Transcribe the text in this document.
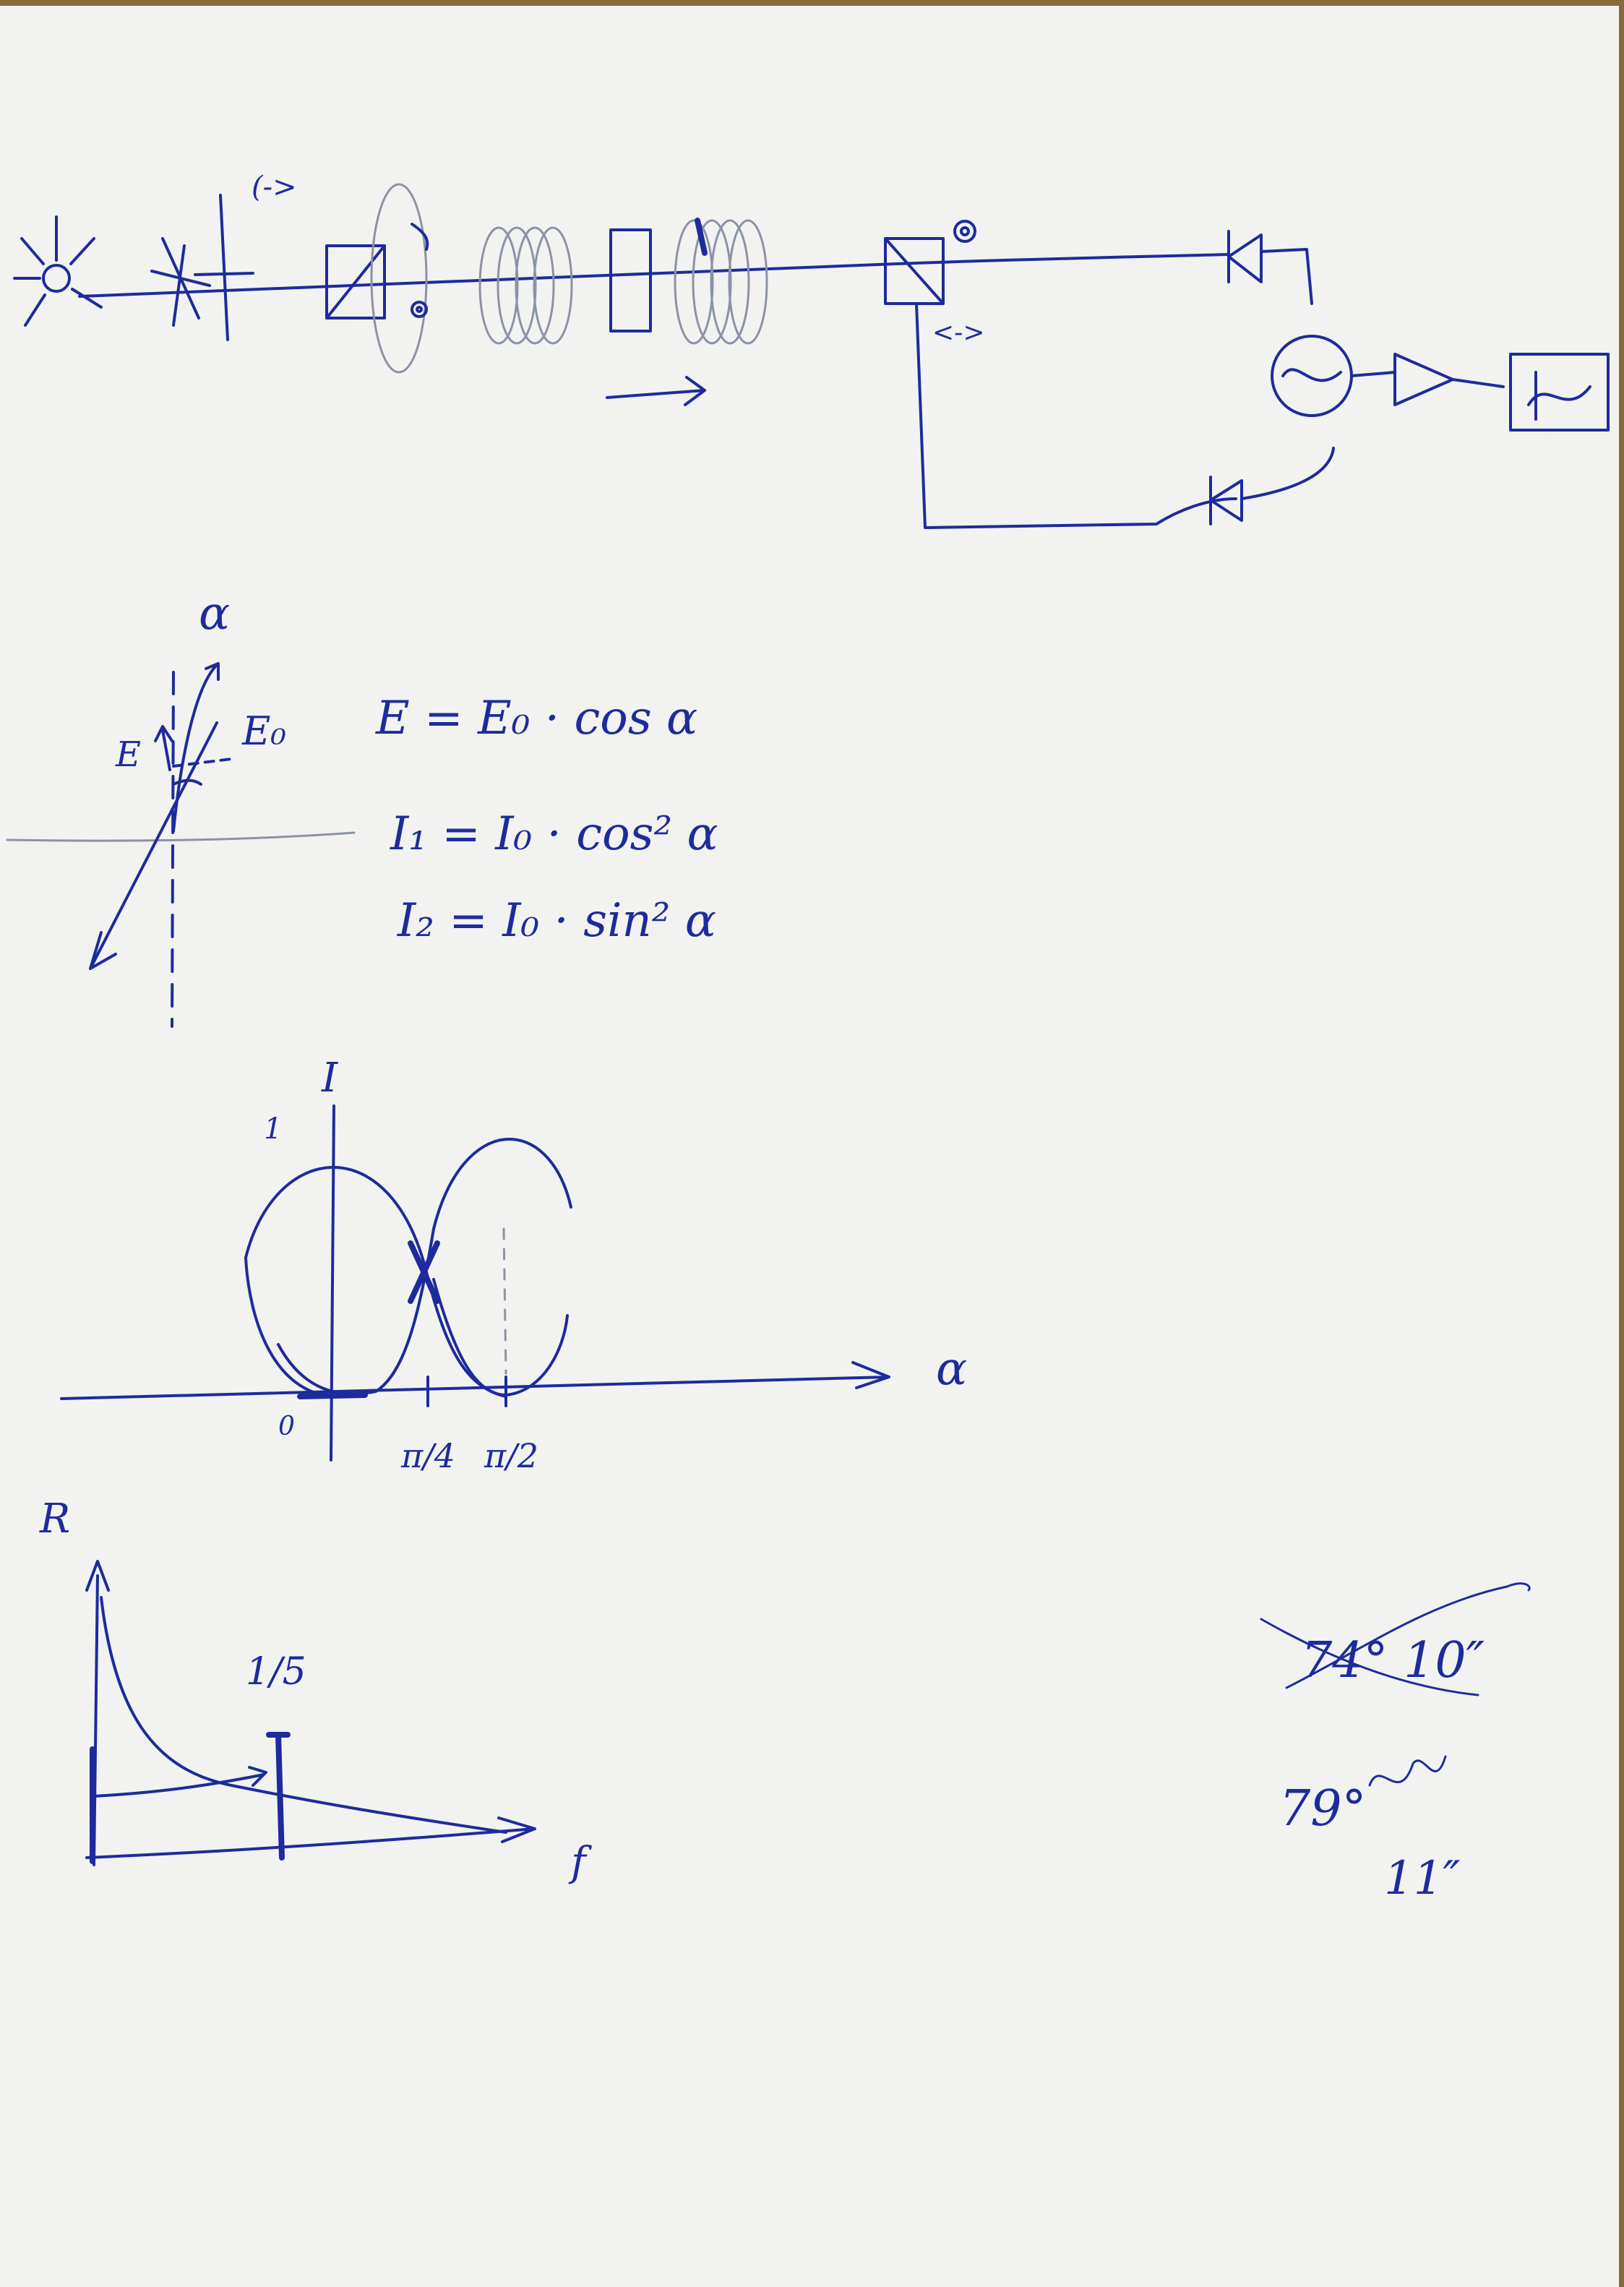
(->
<->
α
E
E₀ E = E₀ · cos α
I₁ = I₀ · cos² α
I₂ = I₀ · sin² α
I
1
α
0
π/4 π/2
R
f
1/5	74° 10″
79°
11″
